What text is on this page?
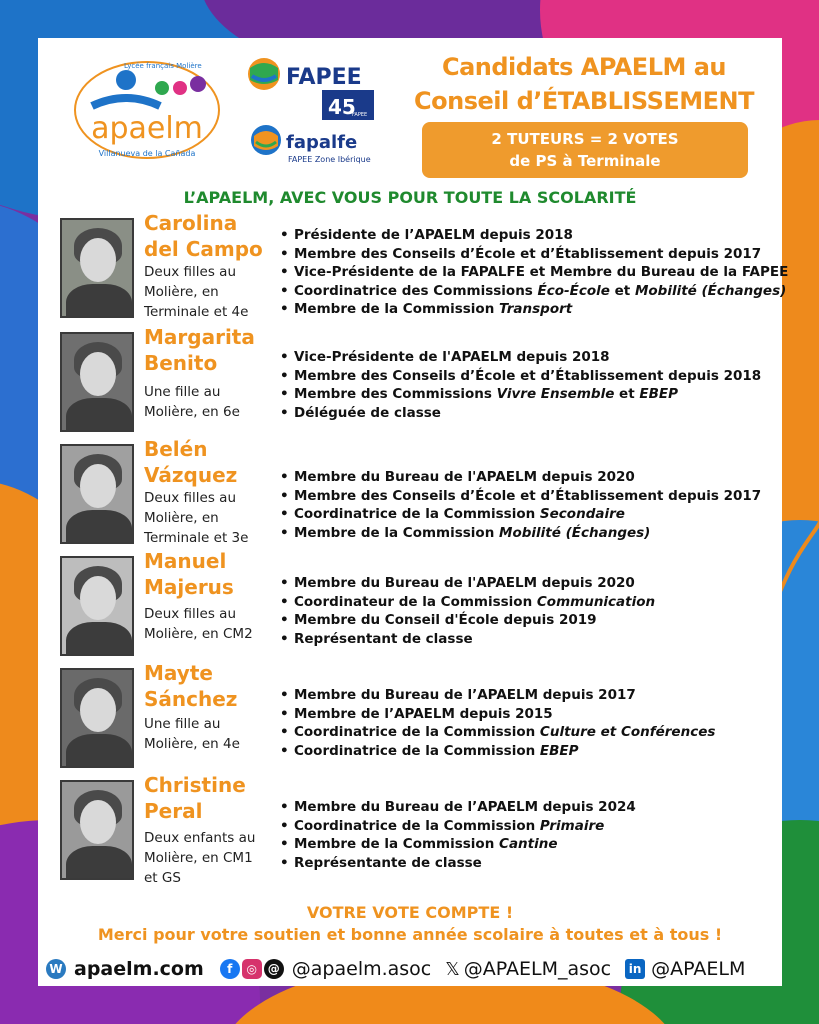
Lycée français Molière
apaelm
Villanueva de la Cañada
FAPEE
45
FAPEE
fapalfe
FAPEE Zone Ibérique
Candidats APAELM au
Conseil d’ÉTABLISSEMENT
2 TUTEURS = 2 VOTES
de PS à Terminale
L’APAELM, AVEC VOUS POUR TOUTE LA SCOLARITÉ
Carolina
del Campo
Deux filles au
Molière, en
Terminale et 4e
• Présidente de l’APAELM depuis 2018
• Membre des Conseils d’École et d’Établissement depuis 2017
• Vice-Présidente de la FAPALFE et Membre du Bureau de la FAPEE
• Coordinatrice des Commissions Éco-École et Mobilité (Échanges)
• Membre de la Commission Transport
Margarita
Benito
Une fille au
Molière, en 6e
• Vice-Présidente de l'APAELM depuis 2018
• Membre des Conseils d’École et d’Établissement depuis 2018
• Membre des Commissions Vivre Ensemble et EBEP
• Déléguée de classe
Belén
Vázquez
Deux filles au
Molière, en
Terminale et 3e
• Membre du Bureau de l'APAELM depuis 2020
• Membre des Conseils d’École et d’Établissement depuis 2017
• Coordinatrice de la Commission Secondaire
• Membre de la Commission Mobilité (Échanges)
Manuel
Majerus
Deux filles au
Molière, en CM2
• Membre du Bureau de l'APAELM depuis 2020
• Coordinateur de la Commission Communication
• Membre du Conseil d'École depuis 2019
• Représentant de classe
Mayte
Sánchez
Une fille au
Molière, en 4e
• Membre du Bureau de l’APAELM depuis 2017
• Membre de l’APAELM depuis 2015
• Coordinatrice de la Commission Culture et Conférences
• Coordinatrice de la Commission EBEP
Christine
Peral
Deux enfants au
Molière, en CM1
et GS
• Membre du Bureau de l’APAELM depuis 2024
• Coordinatrice de la Commission Primaire
• Membre de la Commission Cantine
• Représentante de classe
VOTRE VOTE COMPTE !
Merci pour votre soutien et bonne année scolaire à toutes et à tous !
W apaelm.com	f	◎ @ @apaelm.asoc 𝕏 @APAELM_asoc	in @APAELM
